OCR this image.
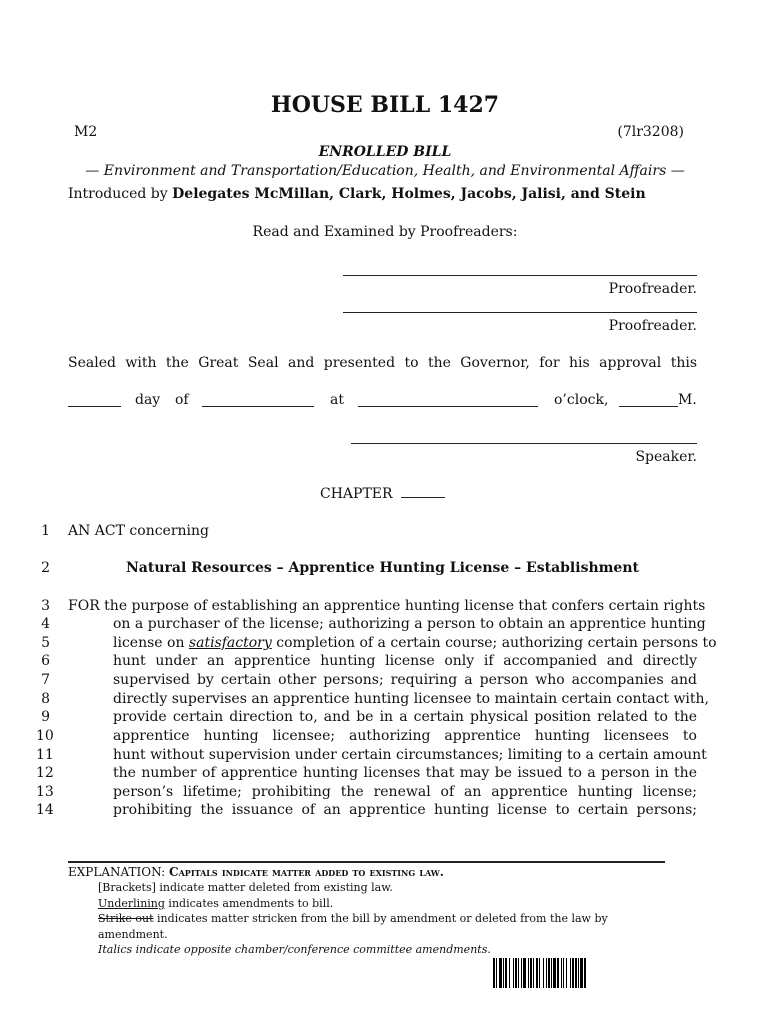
HOUSE BILL 1427
M2	(7lr3208)
ENROLLED BILL
— Environment and Transportation/Education, Health, and Environmental Affairs —
Introduced by Delegates McMillan, Clark, Holmes, Jacobs, Jalisi, and Stein
Read and Examined by Proofreaders:
Proofreader.
Proofreader.
Sealed with the Great Seal and presented to the Governor, for his approval this
day of	at	o’clock,	M.
Speaker.
CHAPTER
1 AN ACT concerning
2	Natural Resources – Apprentice Hunting License – Establishment
3 FOR the purpose of establishing an apprentice hunting license that confers certain rights
4	on a purchaser of the license; authorizing a person to obtain an apprentice hunting
5	license on satisfactory completion of a certain course; authorizing certain persons to
6	hunt under an apprentice hunting license only if accompanied and directly
7	supervised by certain other persons; requiring a person who accompanies and
8	directly supervises an apprentice hunting licensee to maintain certain contact with,
9	provide certain direction to, and be in a certain physical position related to the
10	apprentice hunting licensee; authorizing apprentice hunting licensees to
11	hunt without supervision under certain circumstances; limiting to a certain amount
12	the number of apprentice hunting licenses that may be issued to a person in the
13	person’s lifetime; prohibiting the renewal of an apprentice hunting license;
14	prohibiting the issuance of an apprentice hunting license to certain persons;
EXPLANATION: Capitals indicate matter added to existing law.
[Brackets] indicate matter deleted from existing law.
Underlining indicates amendments to bill.
Strike out indicates matter stricken from the bill by amendment or deleted from the law by
amendment.
Italics indicate opposite chamber/conference committee amendments.
